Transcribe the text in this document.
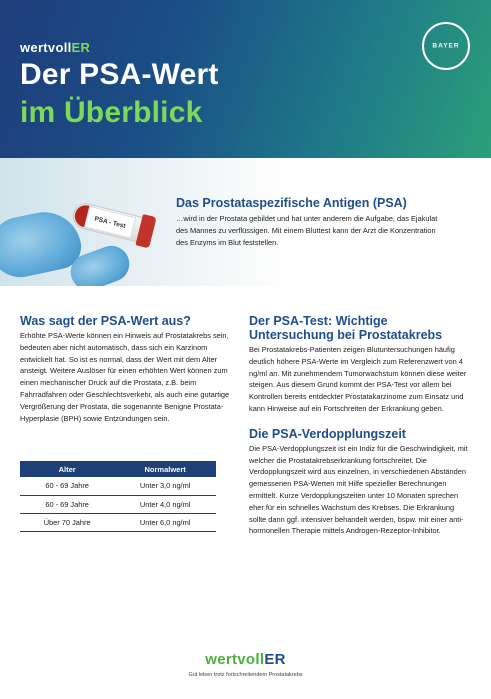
wertvollER
Der PSA-Wert
im Überblick
BAYER
PSA - Test
Das Prostataspezifische Antigen (PSA)
…wird in der Prostata gebildet und hat unter anderem die Aufgabe, das Ejakulat des Mannes zu verflüssigen. Mit einem Bluttest kann der Arzt die Konzentration des Enzyms im Blut feststellen.
Was sagt der PSA-Wert aus?
Erhöhte PSA-Werte können ein Hinweis auf Prostatakrebs sein, bedeuten aber nicht automatisch, dass sich ein Karzinom entwickelt hat. So ist es normal, dass der Wert mit dem Alter ansteigt. Weitere Auslöser für einen erhöhten Wert können zum einen mechanischer Druck auf die Prostata, z.B. beim Fahrradfahren oder Geschlechtsverkehr, als auch eine gutartige Vergrößerung der Prostata, die sogenannte Benigne Prostata-Hyperplasie (BPH) sowie Entzündungen sein.
Alter	Normalwert
60 - 69 Jahre	Unter 3,0 ng/ml
60 - 69 Jahre	Unter 4,0 ng/ml
Über 70 Jahre	Unter 6,0 ng/ml
Der PSA-Test: Wichtige Untersuchung bei Prostatakrebs
Bei Prostatakrebs-Patienten zeigen Blutuntersuchungen häufig deutlich höhere PSA-Werte im Vergleich zum Referenzwert von 4 ng/ml an. Mit zunehmendem Tumorwachstum können diese weiter steigen. Aus diesem Grund kommt der PSA-Test vor allem bei Kontrollen bereits entdeckter Prostatakarzinome zum Einsatz und kann Hinweise auf ein Fortschreiten der Erkrankung geben.
Die PSA-Verdopplungszeit
Die PSA-Verdopplungszeit ist ein Indiz für die Geschwindigkeit, mit welcher die Prostatakrebserkrankung fortschreitet. Die Verdopplungszeit wird aus einzelnen, in verschiedenen Abständen gemessenen PSA-Werten mit Hilfe spezieller Berechnungen ermittelt. Kurze Verdopplungszeiten unter 10 Monaten sprechen eher für ein schnelles Wachstum des Krebses. Die Erkrankung sollte dann ggf. intensiver behandelt werden, bspw. mit einer anti-hormonellen Therapie mittels Androgen-Rezeptor-Inhibitor.
wertvollER
Gut leben trotz fortschreitendem Prostatakrebs
